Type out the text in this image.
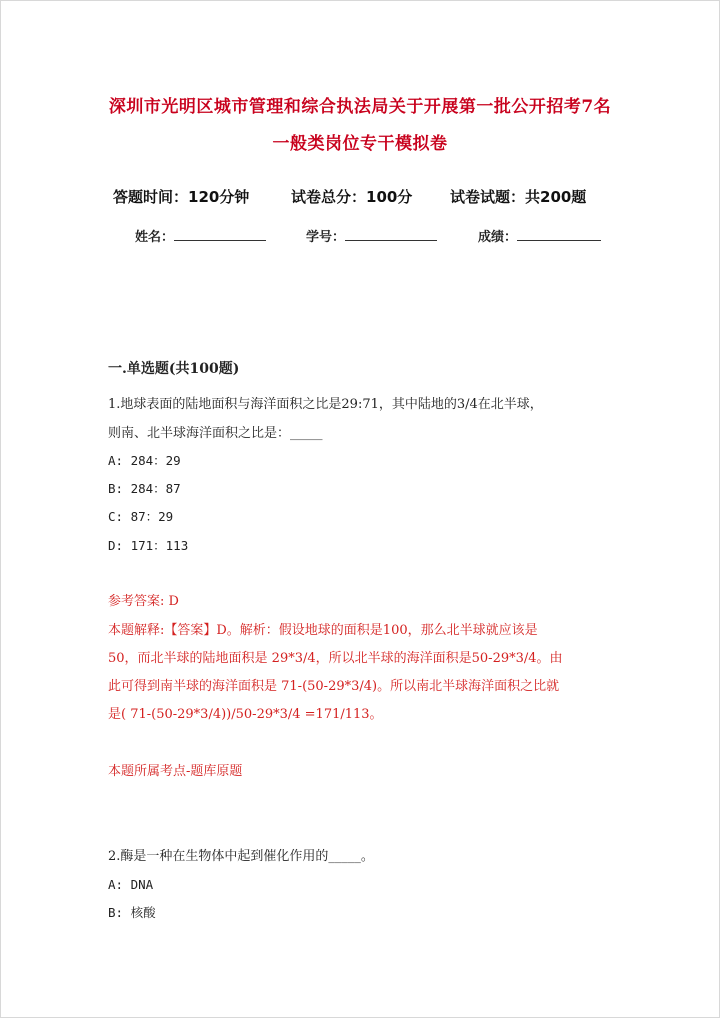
深圳市光明区城市管理和综合执法局关于开展第一批公开招考7名
一般类岗位专干模拟卷
答题时间：120分钟	试卷总分：100分	试卷试题：共200题
姓名：	学号：	成绩：
一.单选题(共100题)
1.地球表面的陆地面积与海洋面积之比是29:71，其中陆地的3/4在北半球，
则南、北半球海洋面积之比是：_____
A: 284：29
B: 284：87
C: 87：29
D: 171：113
参考答案: D
本题解释:【答案】D。解析：假设地球的面积是100，那么北半球就应该是
50，而北半球的陆地面积是 29*3/4，所以北半球的海洋面积是50-29*3/4。由
此可得到南半球的海洋面积是 71-(50-29*3/4)。所以南北半球海洋面积之比就
是( 71-(50-29*3/4))/50-29*3/4 =171/113。
本题所属考点-题库原题
2.酶是一种在生物体中起到催化作用的_____。
A: DNA
B: 核酸
